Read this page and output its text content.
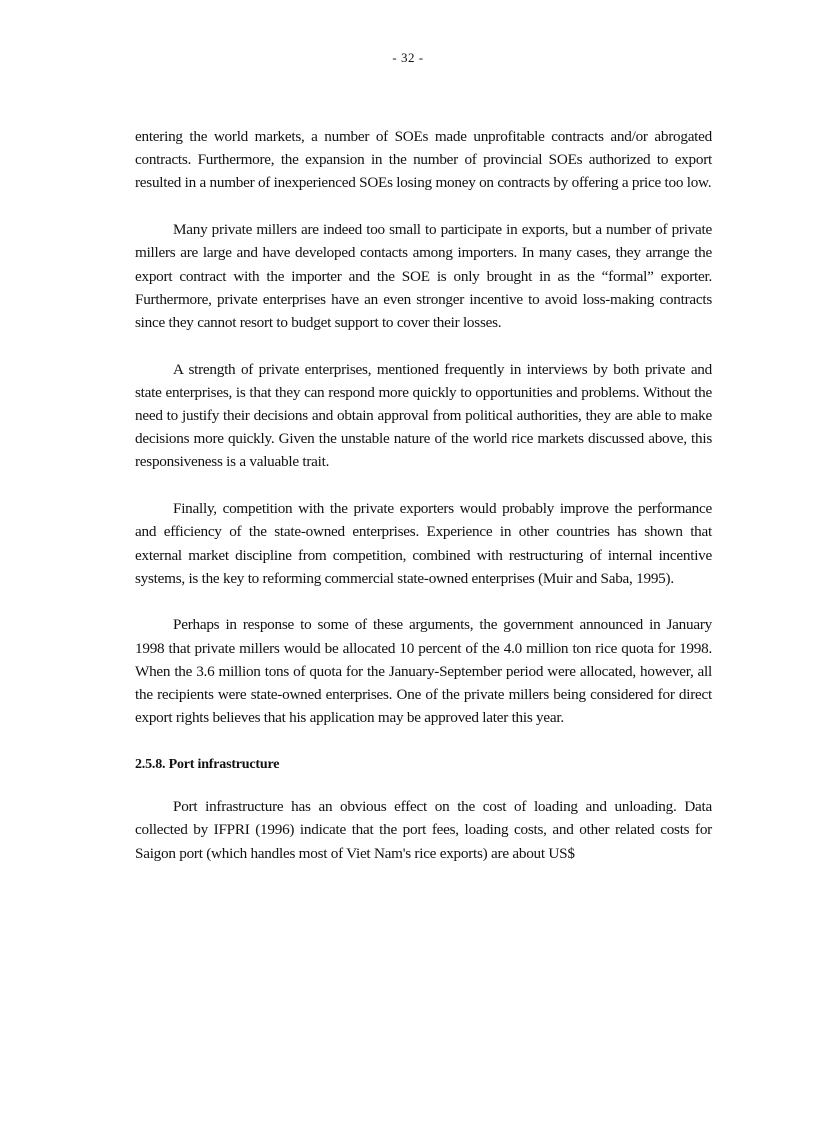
- 32 -

entering the world markets, a number of SOEs made unprofitable contracts and/or abrogated contracts. Furthermore, the expansion in the number of provincial SOEs authorized to export resulted in a number of inexperienced SOEs losing money on contracts by offering a price too low.

Many private millers are indeed too small to participate in exports, but a number of private millers are large and have developed contacts among importers. In many cases, they arrange the export contract with the importer and the SOE is only brought in as the “formal” exporter. Furthermore, private enterprises have an even stronger incentive to avoid loss-making contracts since they cannot resort to budget support to cover their losses.

A strength of private enterprises, mentioned frequently in interviews by both private and state enterprises, is that they can respond more quickly to opportunities and problems. Without the need to justify their decisions and obtain approval from political authorities, they are able to make decisions more quickly. Given the unstable nature of the world rice markets discussed above, this responsiveness is a valuable trait.

Finally, competition with the private exporters would probably improve the performance and efficiency of the state-owned enterprises. Experience in other countries has shown that external market discipline from competition, combined with restructuring of internal incentive systems, is the key to reforming commercial state-owned enterprises (Muir and Saba, 1995).

Perhaps in response to some of these arguments, the government announced in January 1998 that private millers would be allocated 10 percent of the 4.0 million ton rice quota for 1998. When the 3.6 million tons of quota for the January-September period were allocated, however, all the recipients were state-owned enterprises. One of the private millers being considered for direct export rights believes that his application may be approved later this year.

2.5.8. Port infrastructure

Port infrastructure has an obvious effect on the cost of loading and unloading. Data collected by IFPRI (1996) indicate that the port fees, loading costs, and other related costs for Saigon port (which handles most of Viet Nam's rice exports) are about US$
